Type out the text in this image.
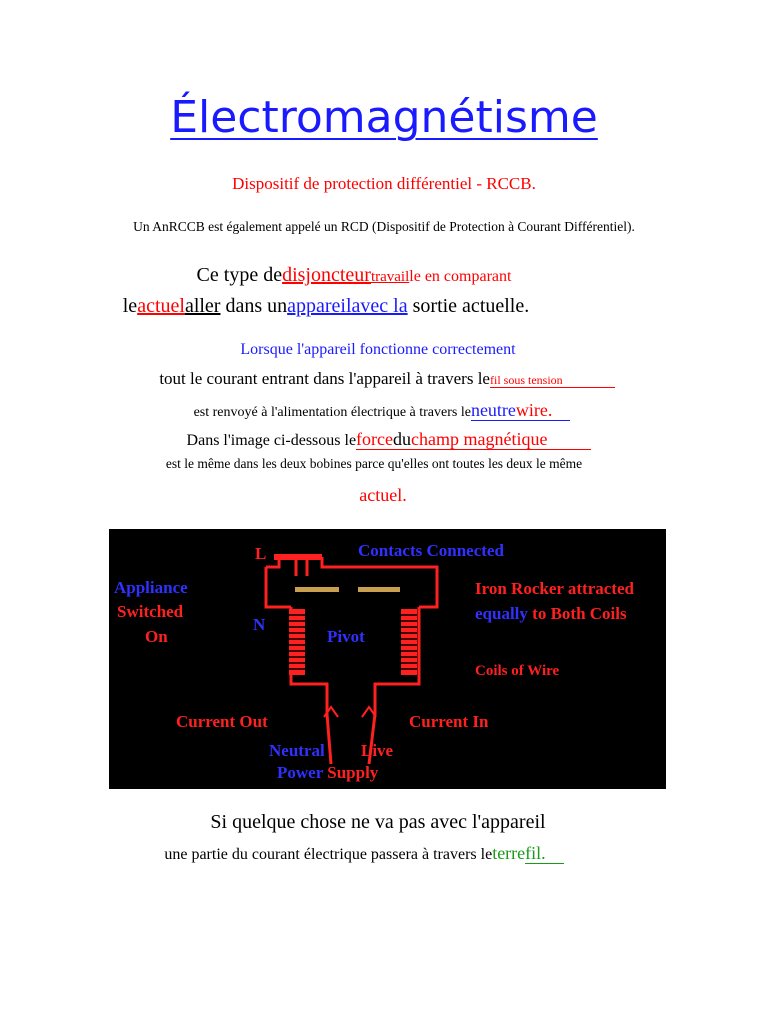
Électromagnétisme
Dispositif de protection différentiel - RCCB.
Un AnRCCB est également appelé un RCD (Dispositif de Protection à Courant Différentiel).
Ce type dedisjoncteurtravaille en comparant
leactuelaller dans unappareilavec la sortie actuelle.
Lorsque l'appareil fonctionne correctement
tout le courant entrant dans l'appareil à travers lefil sous tension
est renvoyé à l'alimentation électrique à travers leneutrewire.
Dans l'image ci-dessous leforceduchamp magnétique
est le même dans les deux bobines parce qu'elles ont toutes les deux le même
actuel.
L
N
Contacts Connected
Appliance
Switched
On	Pivot
Iron Rocker attracted
equally to Both Coils
Coils of Wire
Current Out	Current In
Neutral Live
Power Supply
Si quelque chose ne va pas avec l'appareil
une partie du courant électrique passera à travers leterrefil.
